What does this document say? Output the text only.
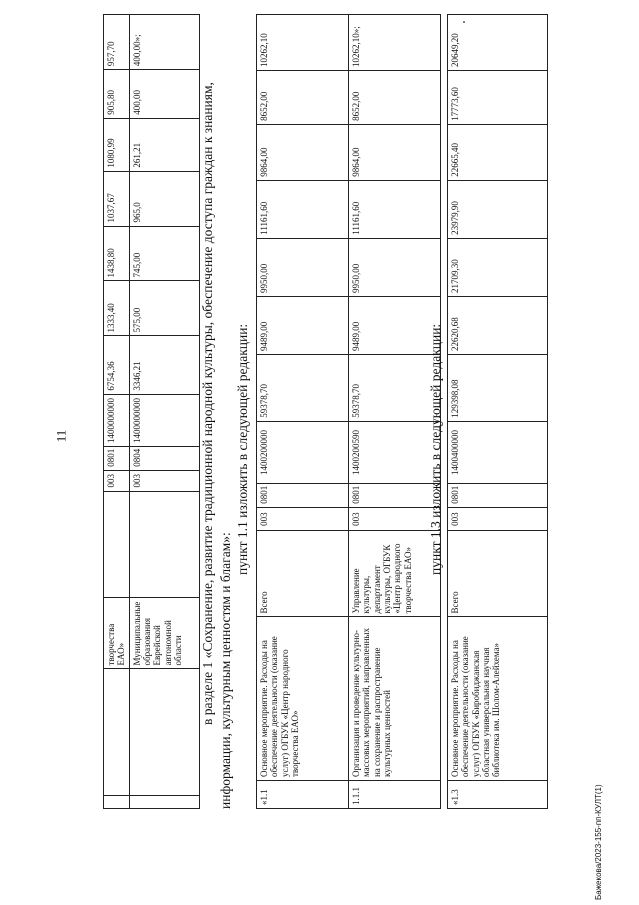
11
Бажекова/2023-155-пп-КУЛТ(1)
		творчества ЕАО»		003	0801	1400000000	6754,36	1333,40	1438,80	1037,67	1080,99	905,80	957,70
		Муниципальные образования Еврейской автономной области		003	0804	1400000000	3346,21	575,00	745,00	965,0	261,21	400,00	400,00»;
в разделе 1 «Сохранение, развитие традиционной народной культуры, обеспечение доступа граждан к знаниям, информации, культурным ценностям и благам»:
пункт 1.1 изложить в следующей редакции:
«1.1	Основное мероприятие. Расходы на обеспечение деятельности (оказание услуг) ОГБУК «Центр народного творчества ЕАО»	Всего	003	0801	1400200000	59378,70	9489,00	9950,00	11161,60	9864,00	8652,00	10262,10
1.1.1	Организация и проведение культурно-массовых мероприятий, направленных на сохранение и распространение культурных ценностей	Управление культуры, департамент культуры, ОГБУК «Центр народного творчества ЕАО»	003	0801	1400200590	59378,70	9489,00	9950,00	11161,60	9864,00	8652,00	10262,10»;
пункт 1.3 изложить в следующей редакции:
«1.3	Основное мероприятие. Расходы на обеспечение деятельности (оказание услуг) ОГБУК «Биробиджанская областная универсальная научная библиотека им. Шолом-Алейхема»	Всего	003	0801	1400400000	129398,08	22620,68	21709,30	23979,90	22665,40	17773,60	20649,20
